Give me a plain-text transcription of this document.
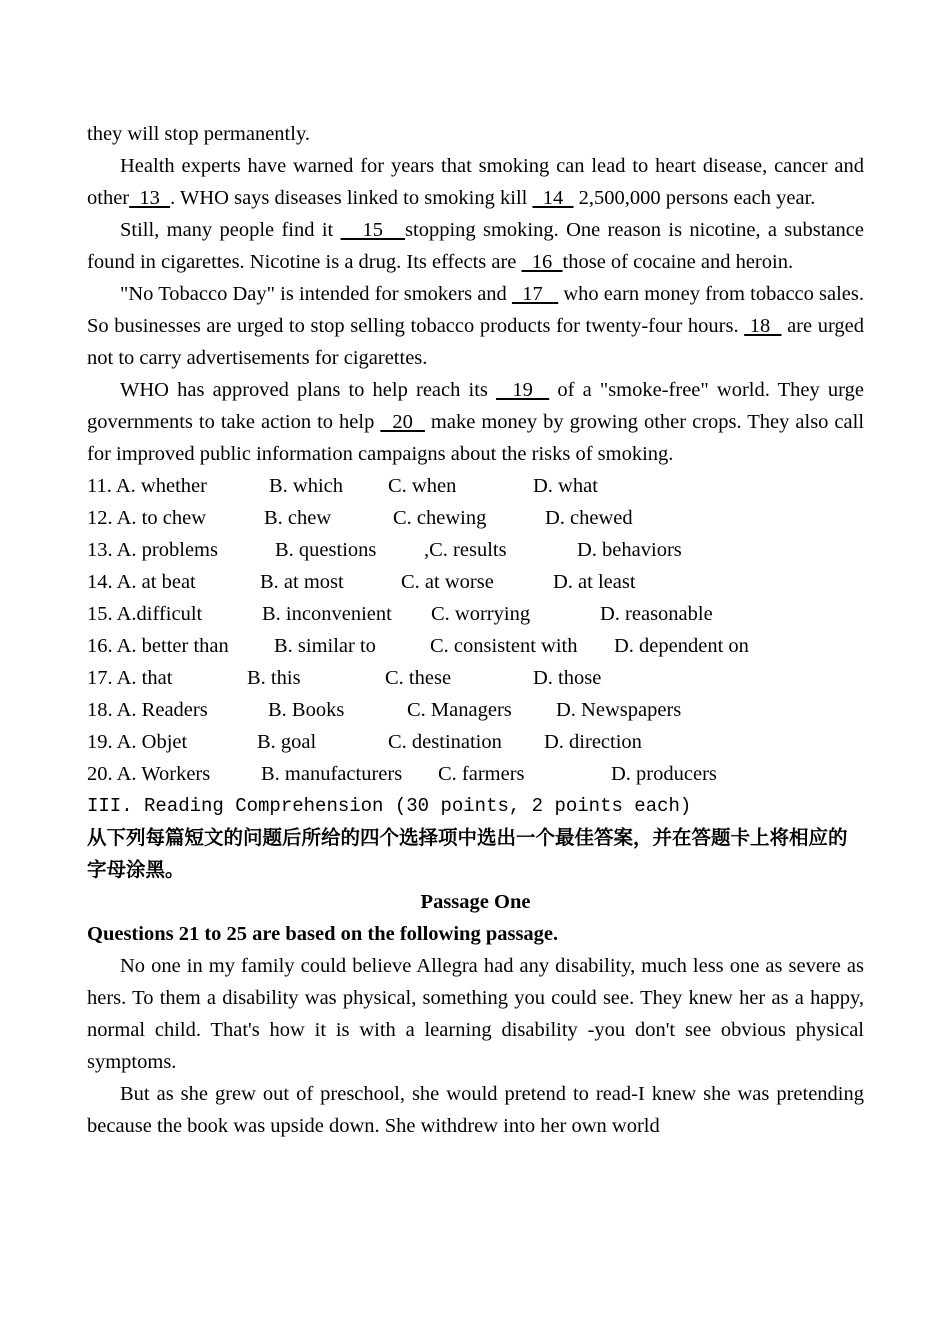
they will stop permanently.

Health experts have warned for years that smoking can lead to heart disease, cancer and other  13  . WHO says diseases linked to smoking kill   14   2,500,000 persons each year.

Still, many people find it    15   stopping smoking. One reason is nicotine, a substance found in cigarettes. Nicotine is a drug. Its effects are   16  those of cocaine and heroin.

"No Tobacco Day" is intended for smokers and   17    who earn money from tobacco sales. So businesses are urged to stop selling tobacco products for twenty-four hours.  18   are urged not to carry advertisements for cigarettes.

WHO has approved plans to help reach its   19   of a "smoke-free" world. They urge governments to take action to help   20   make money by growing other crops. They also call for improved public information campaigns about the risks of smoking.

11. A. whether	B. which C. when	D. what
12. A. to chew	B. chew	C. chewing	D. chewed
13. A. problems	B. questions ,C. results	D. behaviors
14. A. at beat	B. at most	C. at worse	D. at least
15. A.difficult	B. inconvenient C. worrying	D. reasonable
16. A. better than B. similar to	C. consistent with D. dependent on
17. A. that	B. this	C. these	D. those
18. A. Readers	B. Books	C. Managers D. Newspapers
19. A. Objet	B. goal	C. destination D. direction
20. A. Workers B. manufacturers C. farmers	D. producers

III. Reading Comprehension (30 points, 2 points each)

从下列每篇短文的问题后所给的四个选择项中选出一个最佳答案，并在答题卡上将相应的字母涂黑。

Passage One

Questions 21 to 25 are based on the following passage.

No one in my family could believe Allegra had any disability, much less one as severe as hers. To them a disability was physical, something you could see. They knew her as a happy, normal child. That's how it is with a learning disability -you don't see obvious physical symptoms.

But as she grew out of preschool, she would pretend to read-I knew she was pretending because the book was upside down. She withdrew into her own world
